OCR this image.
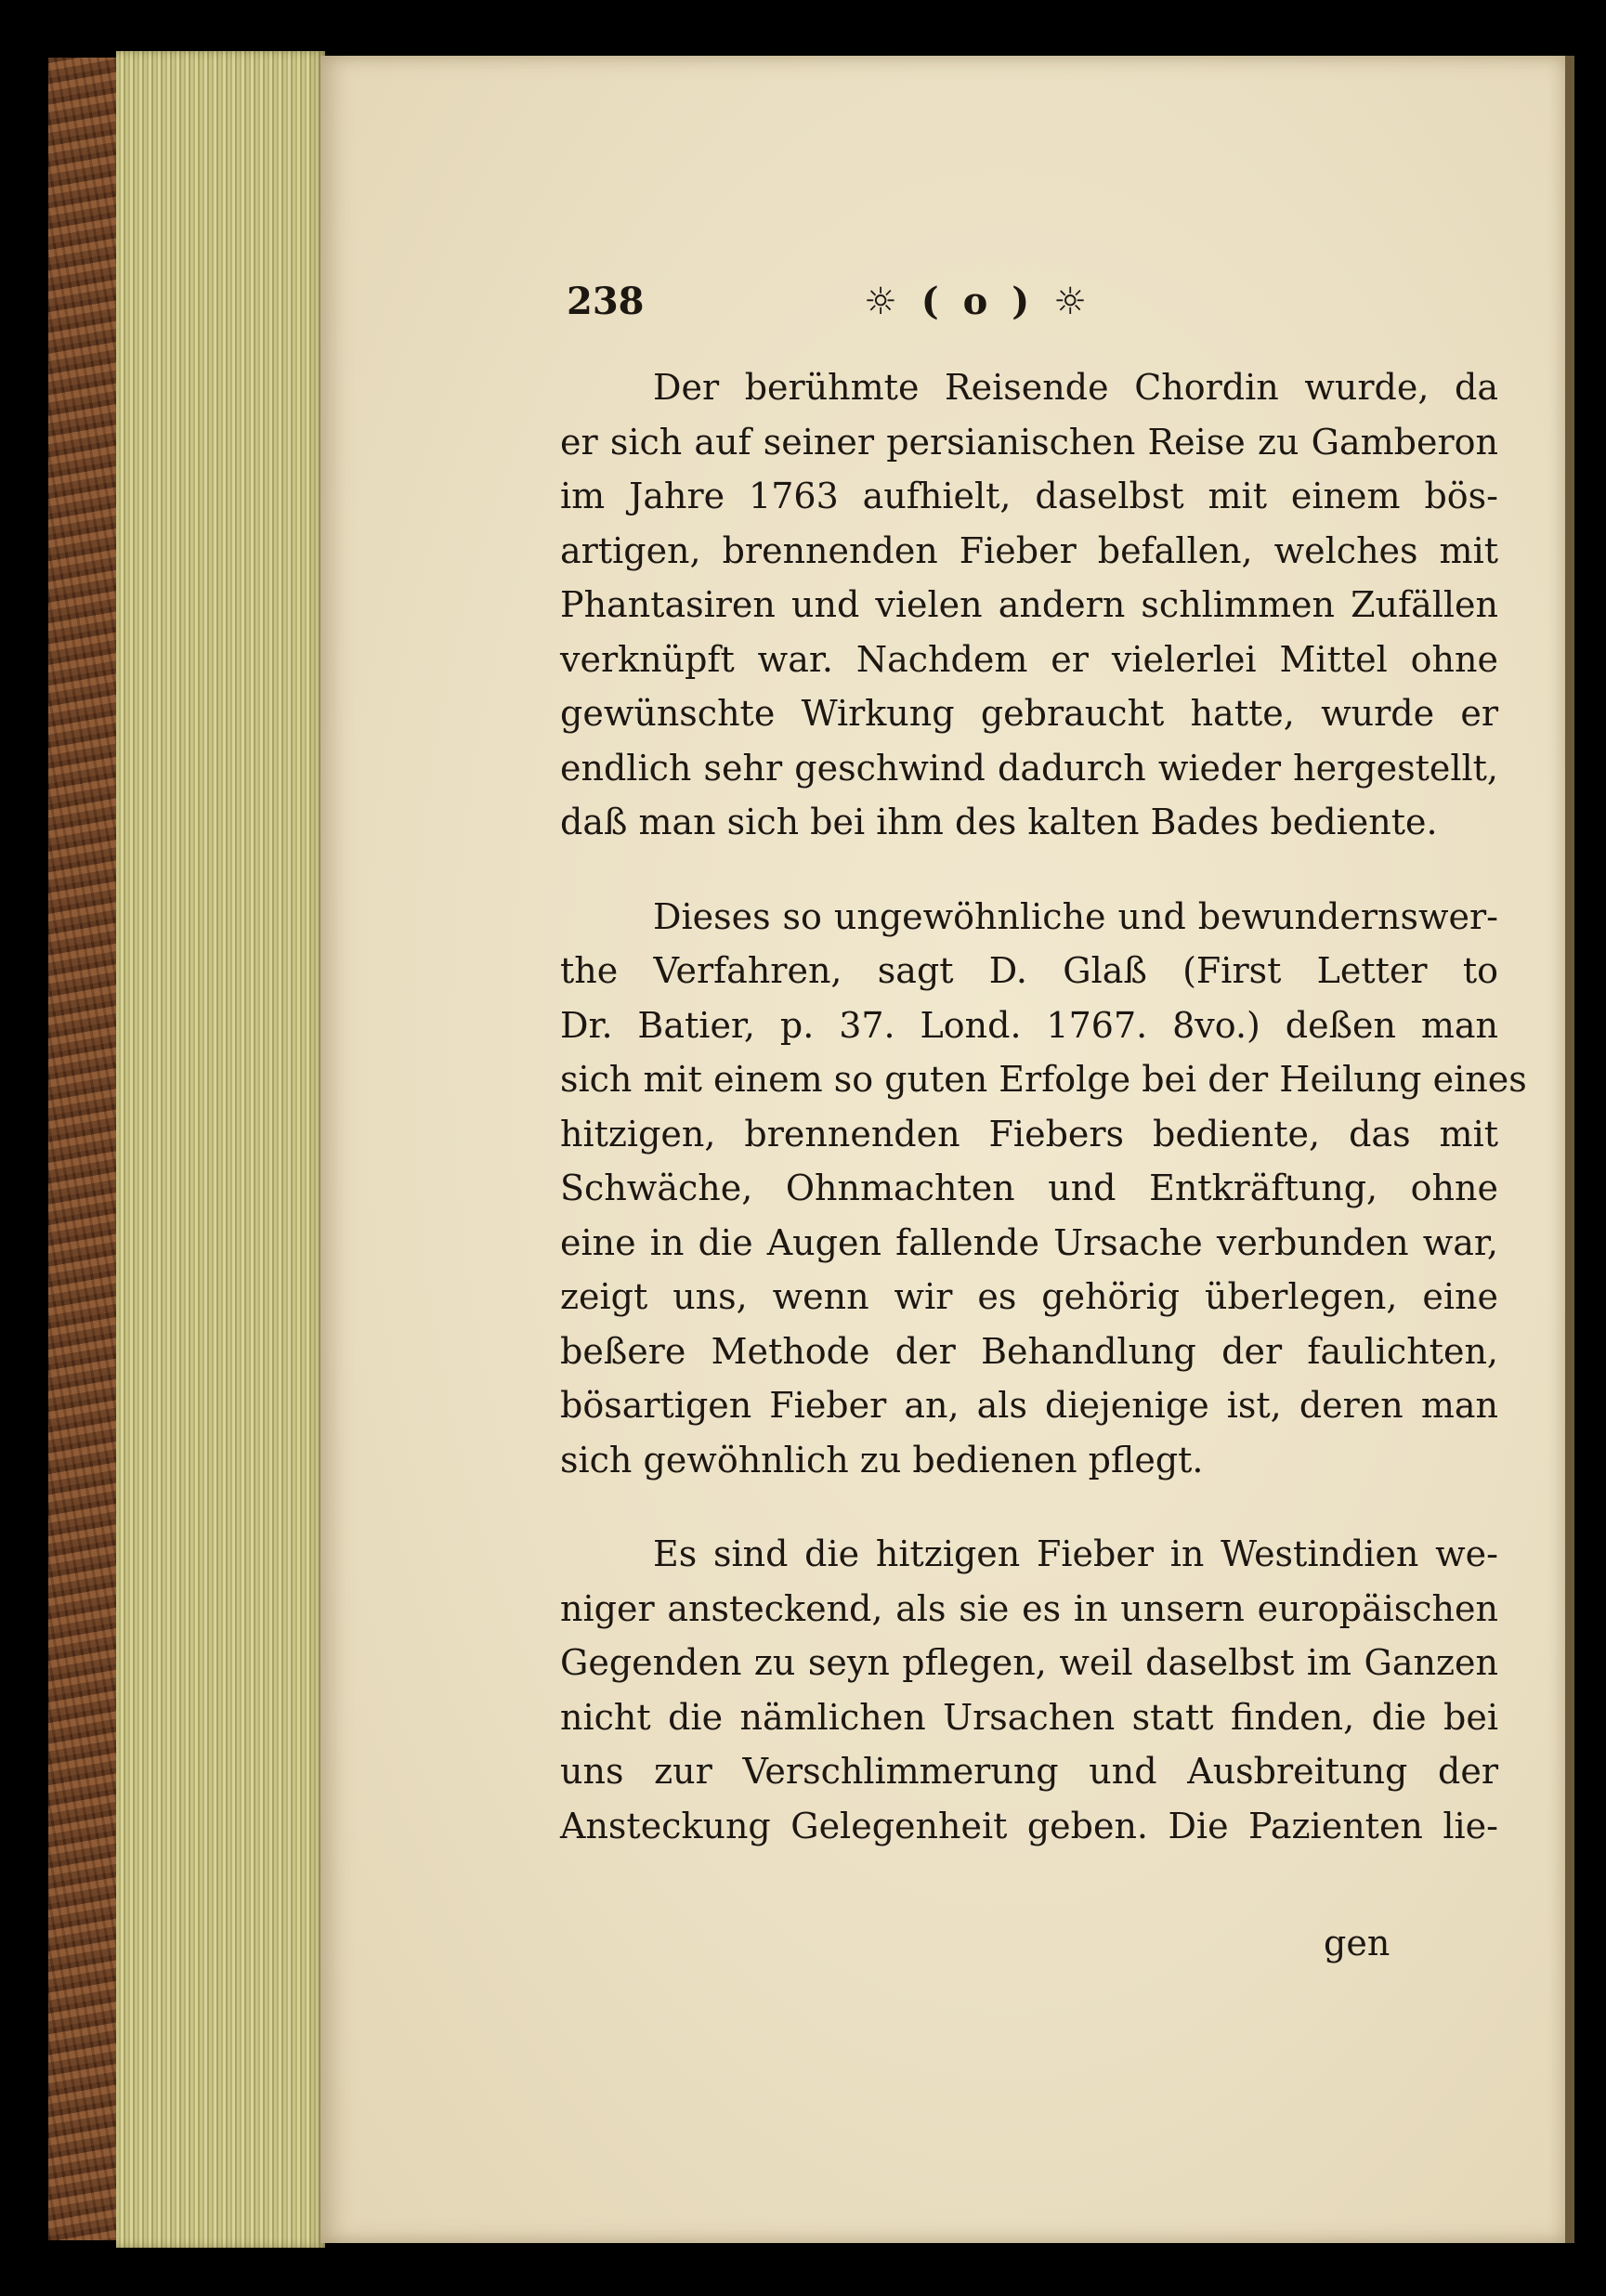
238	☼ ( o ) ☼
Der berühmte Reisende Chordin wurde, da
er sich auf seiner persianischen Reise zu Gamberon
im Jahre 1763 aufhielt, daselbst mit einem bös-
artigen, brennenden Fieber befallen, welches mit
Phantasiren und vielen andern schlimmen Zufällen
verknüpft war. Nachdem er vielerlei Mittel ohne
gewünschte Wirkung gebraucht hatte, wurde er
endlich sehr geschwind dadurch wieder hergestellt,
daß man sich bei ihm des kalten Bades bediente.
Dieses so ungewöhnliche und bewundernswer-
the Verfahren, sagt D. Glaß (First Letter to
Dr. Batier, p. 37. Lond. 1767. 8vo.) deßen man
sich mit einem so guten Erfolge bei der Heilung eines
hitzigen, brennenden Fiebers bediente, das mit
Schwäche, Ohnmachten und Entkräftung, ohne
eine in die Augen fallende Ursache verbunden war,
zeigt uns, wenn wir es gehörig überlegen, eine
beßere Methode der Behandlung der faulichten,
bösartigen Fieber an, als diejenige ist, deren man
sich gewöhnlich zu bedienen pflegt.
Es sind die hitzigen Fieber in Westindien we-
niger ansteckend, als sie es in unsern europäischen
Gegenden zu seyn pflegen, weil daselbst im Ganzen
nicht die nämlichen Ursachen statt finden, die bei
uns zur Verschlimmerung und Ausbreitung der
Ansteckung Gelegenheit geben. Die Pazienten lie-
gen
